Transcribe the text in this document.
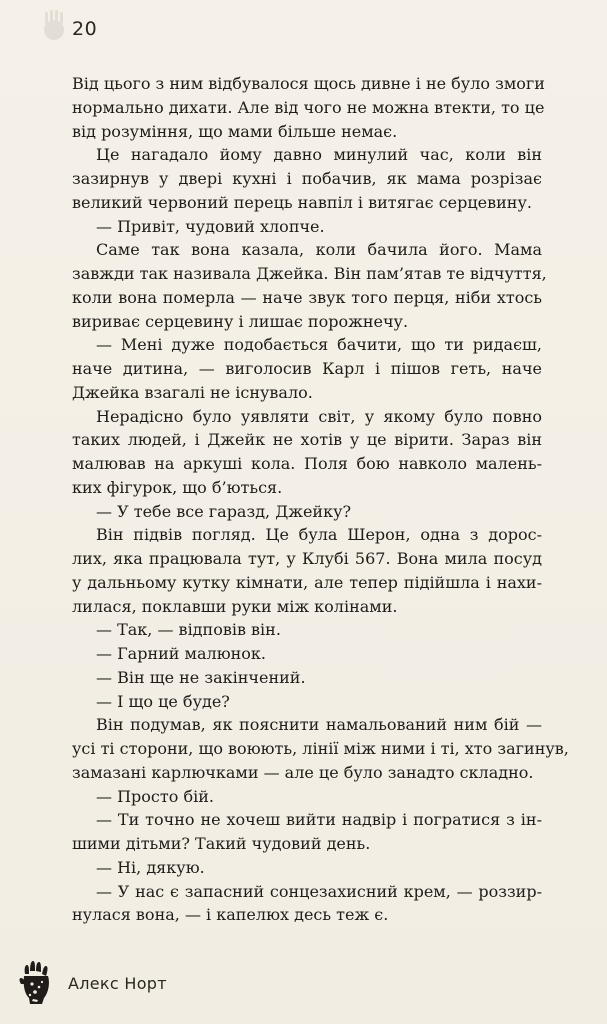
20
Від цього з ним відбувалося щось дивне і не було змоги
нормально дихати. Але від чого не можна втекти, то це
від розуміння, що мами більше немає.
Це нагадало йому давно минулий час, коли він
зазирнув у двері кухні і побачив, як мама розрізає
великий червоний перець навпіл і витягає серцевину.
— Привіт, чудовий хлопче.
Саме так вона казала, коли бачила його. Мама
завжди так називала Джейка. Він пам’ятав те відчуття,
коли вона померла — наче звук того перця, ніби хтось
виривaє серцевину і лишає порожнечу.
— Мені дуже подобається бачити, що ти ридаєш,
наче дитина, — виголосив Карл і пішов геть, наче
Джейка взагалі не існувало.
Нерадісно було уявляти світ, у якому було повно
таких людей, і Джейк не хотів у це вірити. Зараз він
малював на аркуші кола. Поля бою навколо малень-
ких фігурок, що б’ються.
— У тебе все гаразд, Джейку?
Він підвів погляд. Це була Шерон, одна з дорос-
лих, яка працювала тут, у Клубі 567. Вона мила посуд
у дальньому кутку кімнати, але тепер підійшла і нахи-
лилася, поклавши руки між колінами.
— Так, — відповів він.
— Гарний малюнок.
— Він ще не закінчений.
— І що це буде?
Він подумав, як пояснити намальований ним бій —
усі ті сторони, що воюють, лінії між ними і ті, хто загинув,
замазані карлючками — але це було занадто складно.
— Просто бій.
— Ти точно не хочеш вийти надвір і погратися з ін-
шими дітьми? Такий чудовий день.
— Ні, дякую.
— У нас є запасний сонцезахисний крем, — роззир-
нулася вона, — і капелюх десь теж є.
Алекс Норт
